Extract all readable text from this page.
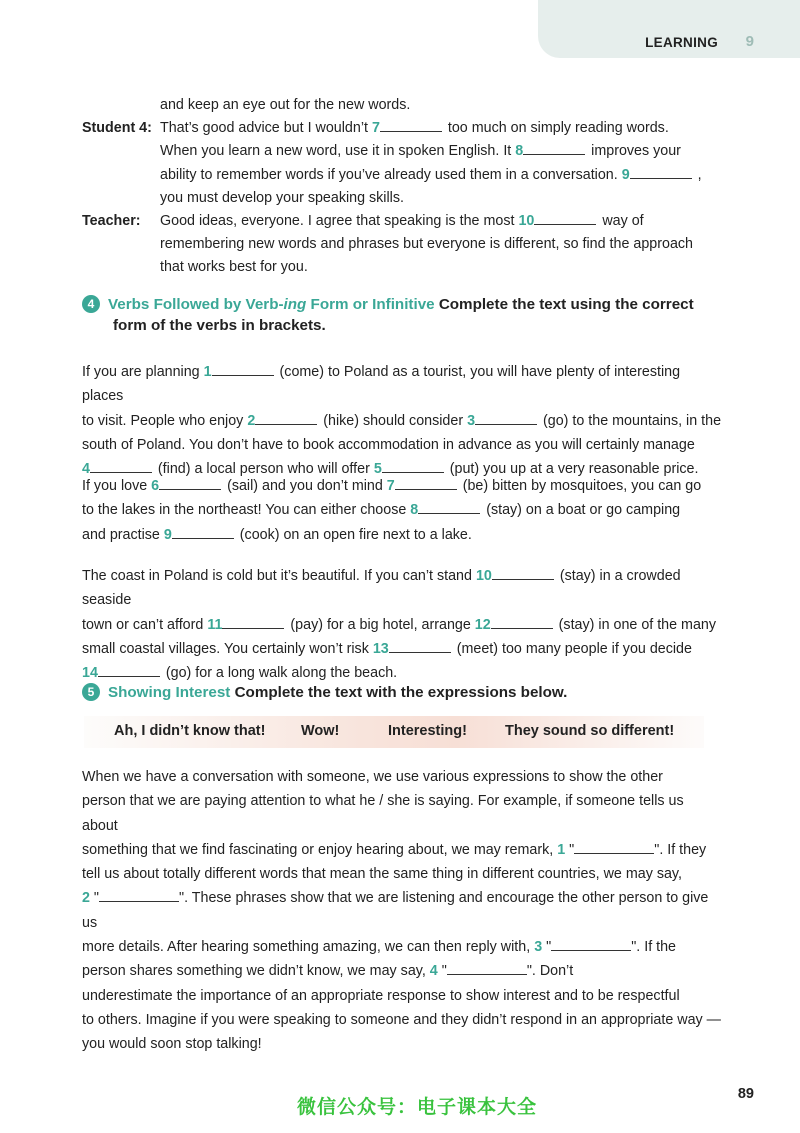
LEARNING 9
and keep an eye out for the new words.
Student 4: That’s good advice but I wouldn’t 7	too much on simply reading words.
When you learn a new word, use it in spoken English. It 8	improves your
ability to remember words if you’ve already used them in a conversation. 9	,
you must develop your speaking skills.
Teacher:	Good ideas, everyone. I agree that speaking is the most 10	way of
remembering new words and phrases but everyone is different, so find the approach
that works best for you.
4 Verbs Followed by Verb-ing Form or Infinitive Complete the text using the correct
form of the verbs in brackets.
If you are planning 1	(come) to Poland as a tourist, you will have plenty of interesting places
to visit. People who enjoy 2	(hike) should consider 3	(go) to the mountains, in the
south of Poland. You don’t have to book accommodation in advance as you will certainly manage
4	(find) a local person who will offer 5	(put) you up at a very reasonable price.
If you love 6	(sail) and you don’t mind 7	(be) bitten by mosquitoes, you can go
to the lakes in the northeast! You can either choose 8	(stay) on a boat or go camping
and practise 9	(cook) on an open fire next to a lake.
The coast in Poland is cold but it’s beautiful. If you can’t stand 10	(stay) in a crowded seaside
town or can’t afford 11	(pay) for a big hotel, arrange 12	(stay) in one of the many
small coastal villages. You certainly won’t risk 13	(meet) too many people if you decide
14	(go) for a long walk along the beach.
5 Showing Interest Complete the text with the expressions below.
Ah, I didn’t know that! Wow!	Interesting!	They sound so different!
When we have a conversation with someone, we use various expressions to show the other
person that we are paying attention to what he / she is saying. For example, if someone tells us about
something that we find fascinating or enjoy hearing about, we may remark, 1 "	". If they
tell us about totally different words that mean the same thing in different countries, we may say,
2 "	". These phrases show that we are listening and encourage the other person to give us
more details. After hearing something amazing, we can then reply with, 3 "	". If the
person shares something we didn’t know, we may say, 4 "	". Don’t
underestimate the importance of an appropriate response to show interest and to be respectful
to others. Imagine if you were speaking to someone and they didn’t respond in an appropriate way —
you would soon stop talking!
89
微信公众号：电子课本大全
